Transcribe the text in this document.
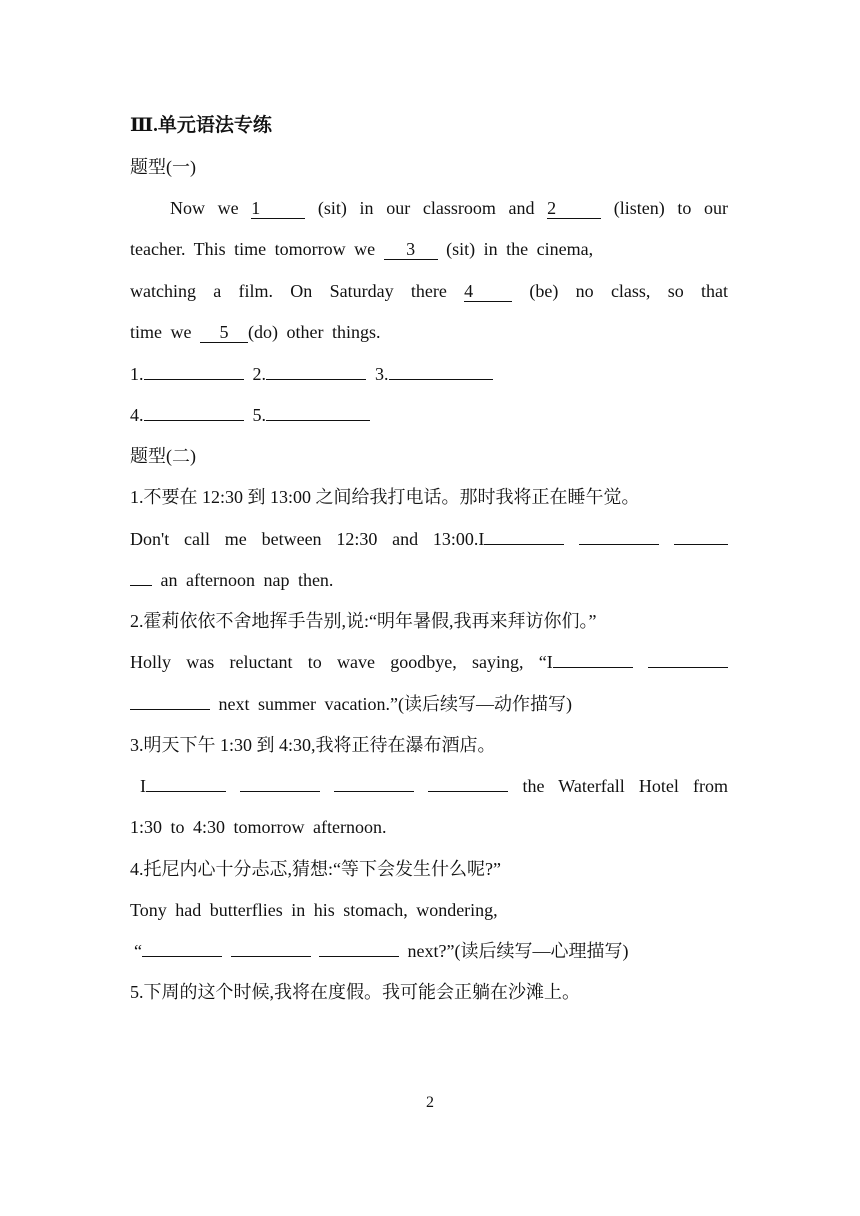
Ⅲ.单元语法专练
题型(一)
Now we 1	(sit) in our classroom and 2	(listen) to our
teacher. This time tomorrow we 3 (sit) in the cinema,
watching a film. On Saturday there 4	(be) no class, so that
time we 5 (do) other things.
1.	2.	3.
4.	5.
题型(二)
1.不要在 12:30 到 13:00 之间给我打电话。那时我将正在睡午觉。
Don't call me between 12:30 and 13:00.I
an afternoon nap then.
2.霍莉依依不舍地挥手告别,说:“明年暑假,我再来拜访你们。”
Holly was reluctant to wave goodbye, saying, “I
next summer vacation.”(读后续写—动作描写)
3.明天下午 1:30 到 4:30,我将正待在瀑布酒店。
I	the Waterfall Hotel from
1:30 to 4:30 tomorrow afternoon.
4.托尼内心十分忐忑,猜想:“等下会发生什么呢?”
Tony had butterflies in his stomach, wondering,
“	next?”(读后续写—心理描写)
5.下周的这个时候,我将在度假。我可能会正躺在沙滩上。
2
